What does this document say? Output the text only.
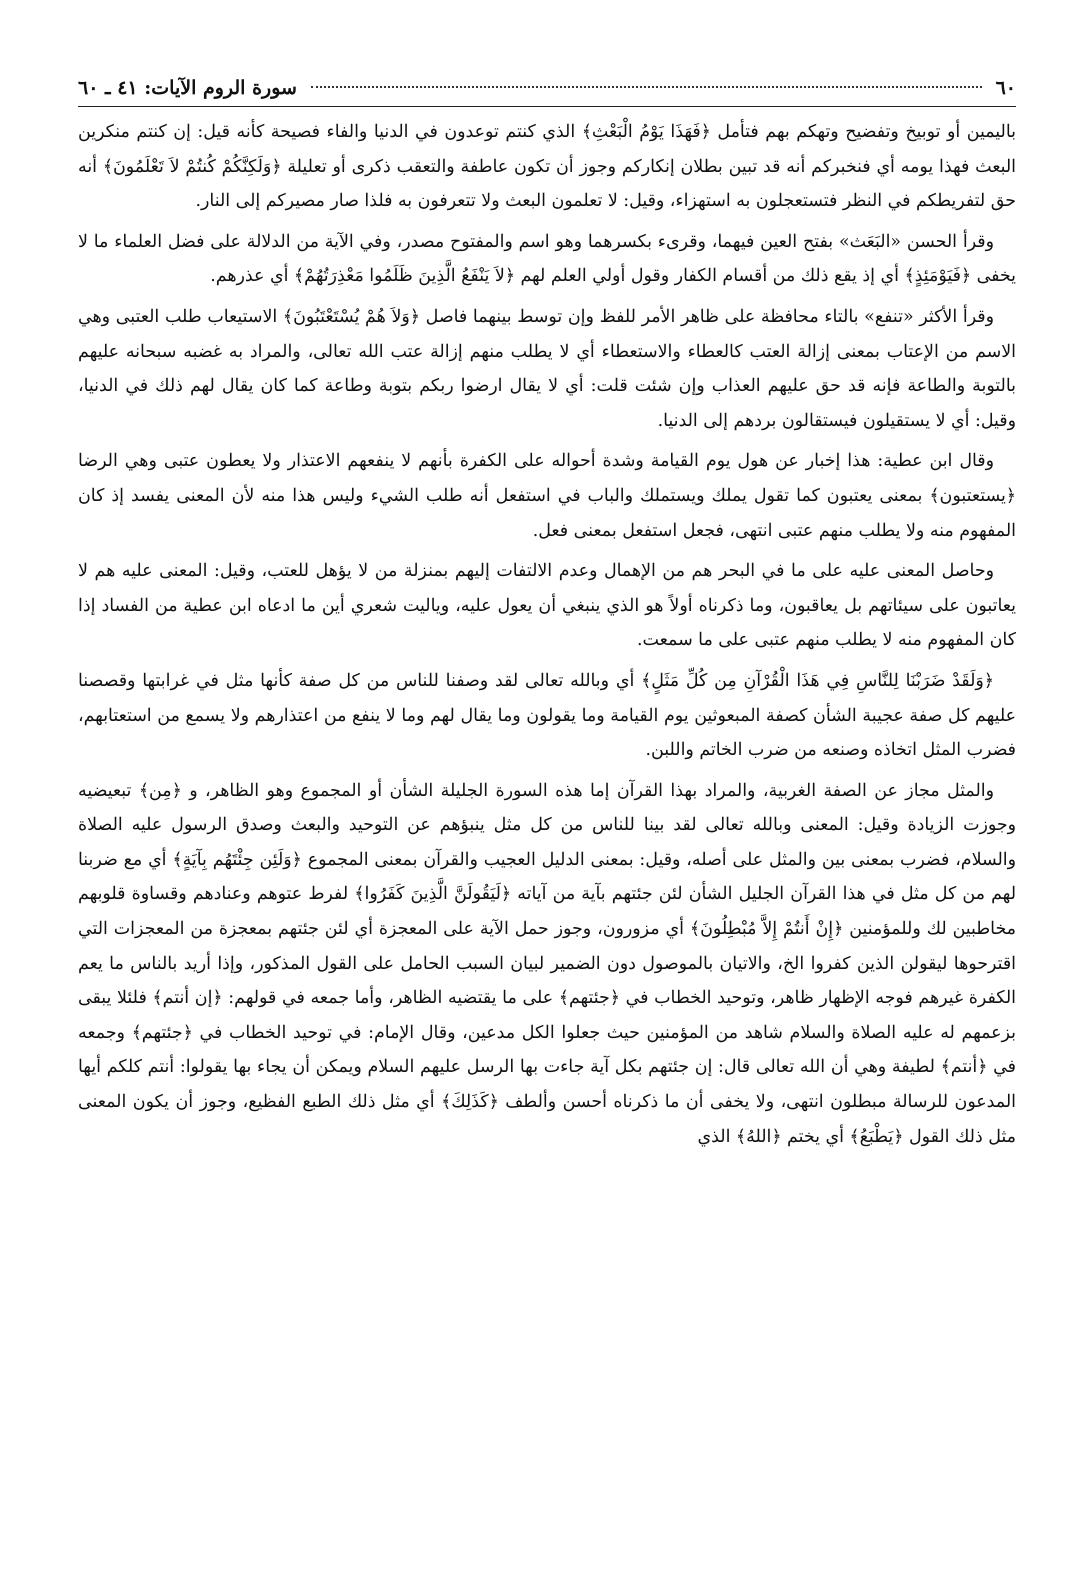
٦٠
سورة الروم الآيات: ٤١ ـ ٦٠

باليمين أو توبيخ وتفضيح وتهكم بهم فتأمل ﴿فَهَذَا يَوْمُ الْبَعْثِ﴾ الذي كنتم توعدون في الدنيا والفاء فصيحة كأنه قيل: إن كنتم منكرين البعث فهذا يومه أي فنخبركم أنه قد تبين بطلان إنكاركم وجوز أن تكون عاطفة والتعقب ذكرى أو تعليلة ﴿وَلَكِنَّكُمْ كُنتُمْ لاَ تَعْلَمُونَ﴾ أنه حق لتفريطكم في النظر فتستعجلون به استهزاء، وقيل: لا تعلمون البعث ولا تتعرفون به فلذا صار مصيركم إلى النار.

وقرأ الحسن «البَعَث» بفتح العين فيهما، وقرىء بكسرهما وهو اسم والمفتوح مصدر، وفي الآية من الدلالة على فضل العلماء ما لا يخفى ﴿فَيَوْمَئِذٍ﴾ أي إذ يقع ذلك من أقسام الكفار وقول أولي العلم لهم ﴿لاَ يَنْفَعُ الَّذِينَ ظَلَمُوا مَعْذِرَتُهُمْ﴾ أي عذرهم.

وقرأ الأكثر «تنفع» بالتاء محافظة على ظاهر الأمر للفظ وإن توسط بينهما فاصل ﴿وَلاَ هُمْ يُسْتَعْتَبُونَ﴾ الاستيعاب طلب العتبى وهي الاسم من الإعتاب بمعنى إزالة العتب كالعطاء والاستعطاء أي لا يطلب منهم إزالة عتب الله تعالى، والمراد به غضبه سبحانه عليهم بالتوبة والطاعة فإنه قد حق عليهم العذاب وإن شئت قلت: أي لا يقال ارضوا ربكم بتوبة وطاعة كما كان يقال لهم ذلك في الدنيا، وقيل: أي لا يستقيلون فيستقالون بردهم إلى الدنيا.

وقال ابن عطية: هذا إخبار عن هول يوم القيامة وشدة أحواله على الكفرة بأنهم لا ينفعهم الاعتذار ولا يعطون عتبى وهي الرضا ﴿يستعتبون﴾ بمعنى يعتبون كما تقول يملك ويستملك والباب في استفعل أنه طلب الشيء وليس هذا منه لأن المعنى يفسد إذ كان المفهوم منه ولا يطلب منهم عتبى انتهى، فجعل استفعل بمعنى فعل.

وحاصل المعنى عليه على ما في البحر هم من الإهمال وعدم الالتفات إليهم بمنزلة من لا يؤهل للعتب، وقيل: المعنى عليه هم لا يعاتبون على سيئاتهم بل يعاقبون، وما ذكرناه أولاً هو الذي ينبغي أن يعول عليه، وياليت شعري أين ما ادعاه ابن عطية من الفساد إذا كان المفهوم منه لا يطلب منهم عتبى على ما سمعت.

﴿وَلَقَدْ ضَرَبْنَا لِلنَّاسِ فِي هَذَا الْقُرْآنِ مِن كُلِّ مَثَلٍ﴾ أي وبالله تعالى لقد وصفنا للناس من كل صفة كأنها مثل في غرابتها وقصصنا عليهم كل صفة عجيبة الشأن كصفة المبعوثين يوم القيامة وما يقولون وما يقال لهم وما لا ينفع من اعتذارهم ولا يسمع من استعتابهم، فضرب المثل اتخاذه وصنعه من ضرب الخاتم واللبن.

والمثل مجاز عن الصفة الغربية، والمراد بهذا القرآن إما هذه السورة الجليلة الشأن أو المجموع وهو الظاهر، و ﴿مِن﴾ تبعيضيه وجوزت الزيادة وقيل: المعنى وبالله تعالى لقد بينا للناس من كل مثل ينبؤهم عن التوحيد والبعث وصدق الرسول عليه الصلاة والسلام، فضرب بمعنى بين والمثل على أصله، وقيل: بمعنى الدليل العجيب والقرآن بمعنى المجموع ﴿وَلَئِن جِئْتَهُم بِآيَةٍ﴾ أي مع ضربنا لهم من كل مثل في هذا القرآن الجليل الشأن لئن جئتهم بآية من آياته ﴿لَيَقُولَنَّ الَّذِينَ كَفَرُوا﴾ لفرط عتوهم وعنادهم وقساوة قلوبهم مخاطبين لك وللمؤمنين ﴿إِنْ أَنتُمْ إِلاَّ مُبْطِلُونَ﴾ أي مزورون، وجوز حمل الآية على المعجزة أي لئن جئتهم بمعجزة من المعجزات التي اقترحوها ليقولن الذين كفروا الخ، والاتيان بالموصول دون الضمير لبيان السبب الحامل على القول المذكور، وإذا أريد بالناس ما يعم الكفرة غيرهم فوجه الإظهار ظاهر، وتوحيد الخطاب في ﴿جئتهم﴾ على ما يقتضيه الظاهر، وأما جمعه في قولهم: ﴿إن أنتم﴾ فلئلا يبقى بزعمهم له عليه الصلاة والسلام شاهد من المؤمنين حيث جعلوا الكل مدعين، وقال الإمام: في توحيد الخطاب في ﴿جئتهم﴾ وجمعه في ﴿أنتم﴾ لطيفة وهي أن الله تعالى قال: إن جئتهم بكل آية جاءت بها الرسل عليهم السلام ويمكن أن يجاء بها يقولوا: أنتم كلكم أيها المدعون للرسالة مبطلون انتهى، ولا يخفى أن ما ذكرناه أحسن وألطف ﴿كَذَلِكَ﴾ أي مثل ذلك الطبع الفظيع، وجوز أن يكون المعنى مثل ذلك القول ﴿يَطْبَعُ﴾ أي يختم ﴿اللهُ﴾ الذي
